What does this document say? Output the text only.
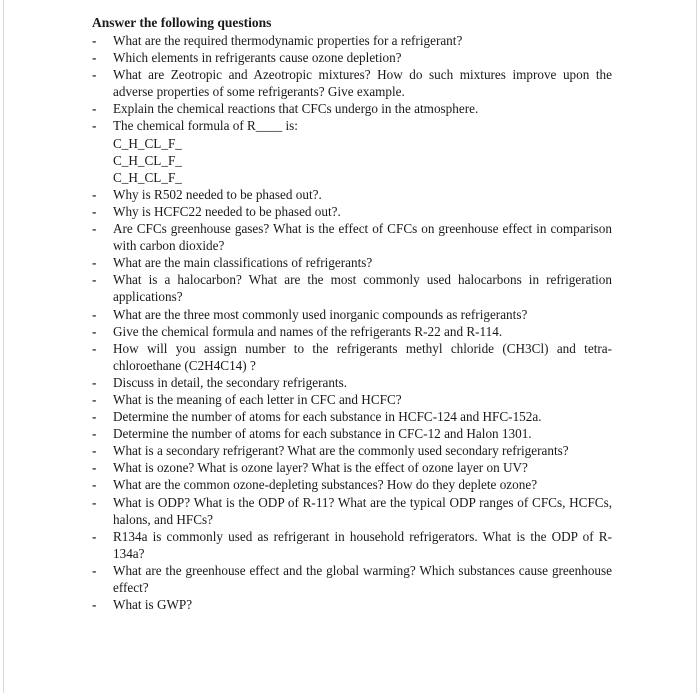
Answer the following questions
- What are the required thermodynamic properties for a refrigerant?
- Which elements in refrigerants cause ozone depletion?
- What are Zeotropic and Azeotropic mixtures? How do such mixtures improve upon the adverse properties of some refrigerants? Give example.
- Explain the chemical reactions that CFCs undergo in the atmosphere.
- The chemical formula of R____ is:
C_H_CL_F_
C_H_CL_F_
C_H_CL_F_
- Why is R502 needed to be phased out?.
- Why is HCFC22 needed to be phased out?.
- Are CFCs greenhouse gases? What is the effect of CFCs on greenhouse effect in comparison with carbon dioxide?
- What are the main classifications of refrigerants?
- What is a halocarbon? What are the most commonly used halocarbons in refrigeration applications?
- What are the three most commonly used inorganic compounds as refrigerants?
- Give the chemical formula and names of the refrigerants R-22 and R-114.
- How will you assign number to the refrigerants methyl chloride (CH3Cl) and tetra-chloroethane (C2H4C14) ?
- Discuss in detail, the secondary refrigerants.
- What is the meaning of each letter in CFC and HCFC?
- Determine the number of atoms for each substance in HCFC-124 and HFC-152a.
- Determine the number of atoms for each substance in CFC-12 and Halon 1301.
- What is a secondary refrigerant? What are the commonly used secondary refrigerants?
- What is ozone? What is ozone layer? What is the effect of ozone layer on UV?
- What are the common ozone-depleting substances? How do they deplete ozone?
- What is ODP? What is the ODP of R-11? What are the typical ODP ranges of CFCs, HCFCs, halons, and HFCs?
- R134a is commonly used as refrigerant in household refrigerators. What is the ODP of R-134a?
- What are the greenhouse effect and the global warming? Which substances cause greenhouse effect?
- What is GWP?
